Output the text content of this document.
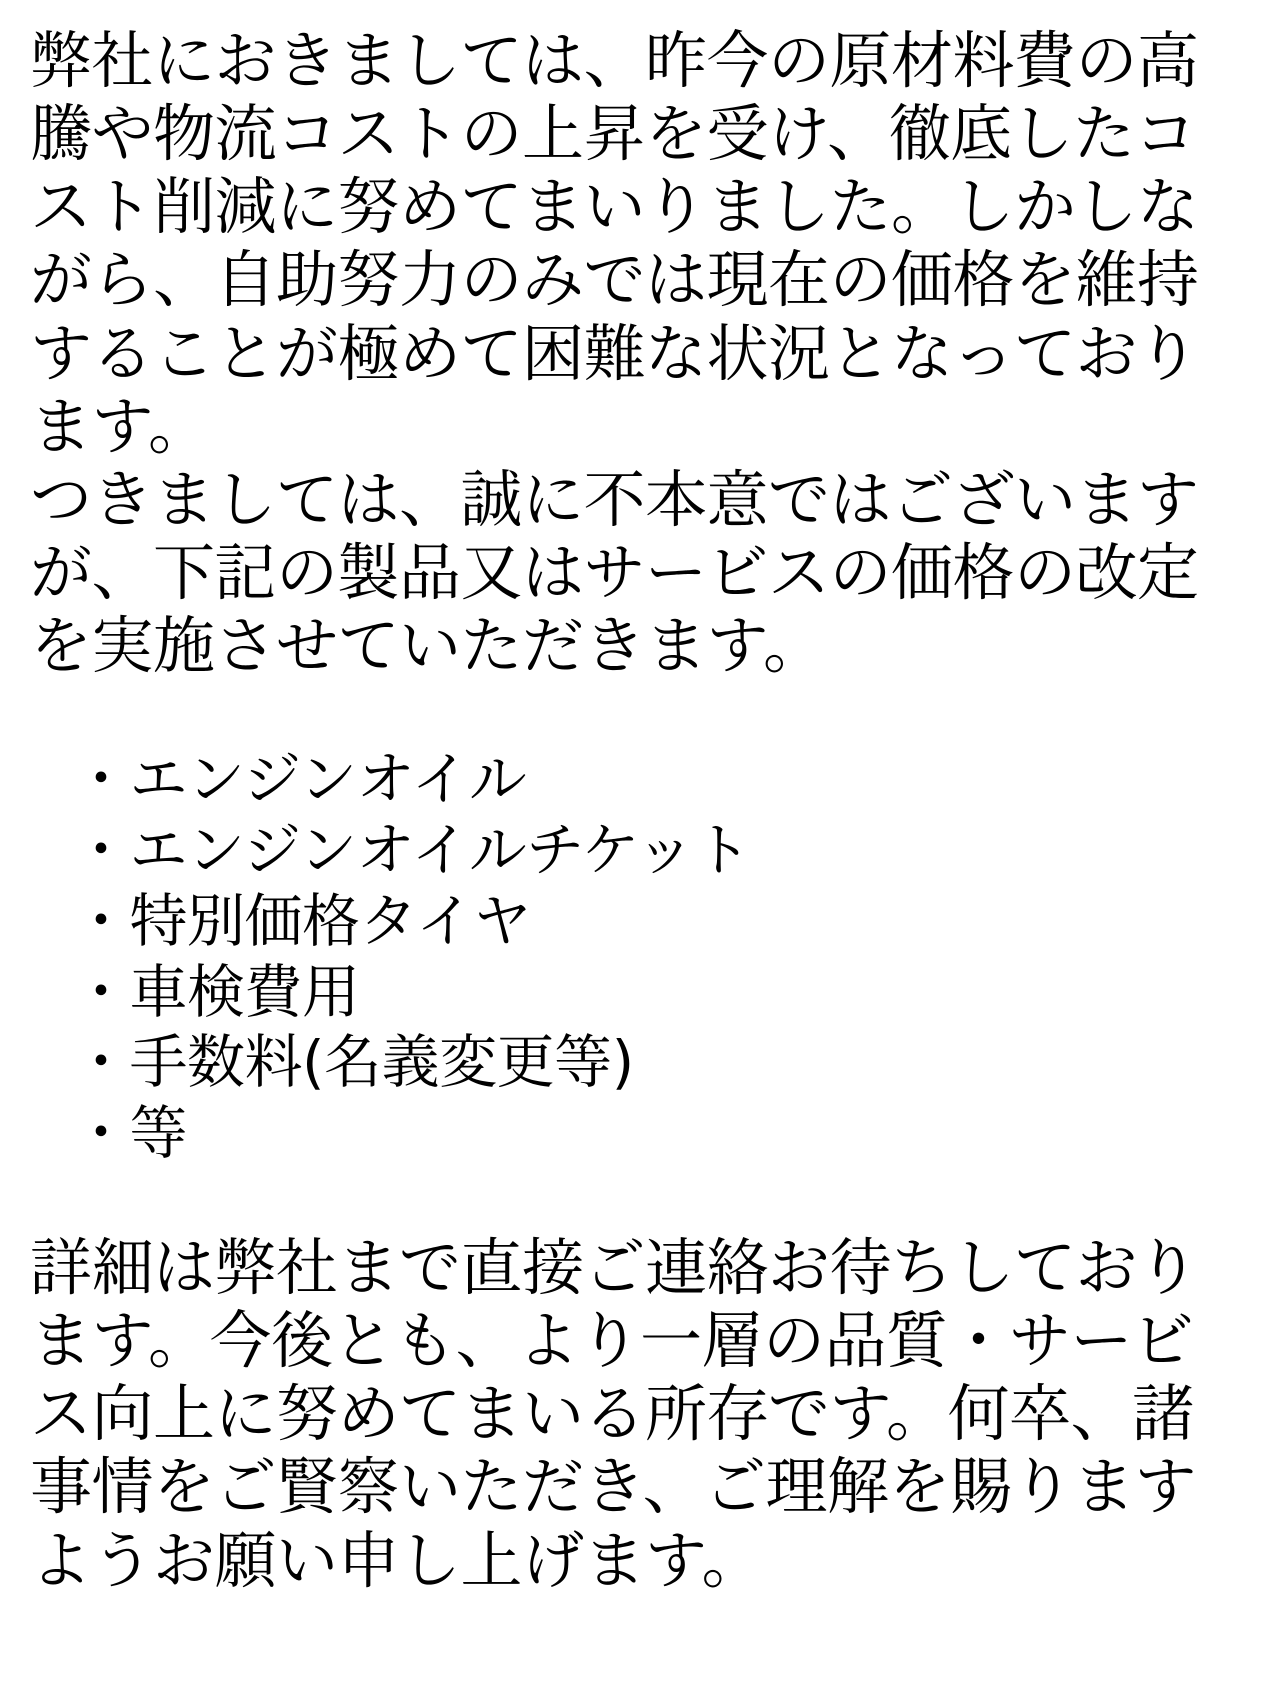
弊社におきましては、昨今の原材料費の高騰や物流コストの上昇を受け、徹底したコスト削減に努めてまいりました。しかしながら、自助努力のみでは現在の価格を維持することが極めて困難な状況となっております。

つきましては、誠に不本意ではございますが、下記の製品又はサービスの価格の改定を実施させていただきます。

・エンジンオイル
・エンジンオイルチケット
・特別価格タイヤ
・車検費用
・手数料(名義変更等)
・等

詳細は弊社まで直接ご連絡お待ちしております。今後とも、より一層の品質・サービス向上に努めてまいる所存です。何卒、諸事情をご賢察いただき、ご理解を賜りますようお願い申し上げます。
